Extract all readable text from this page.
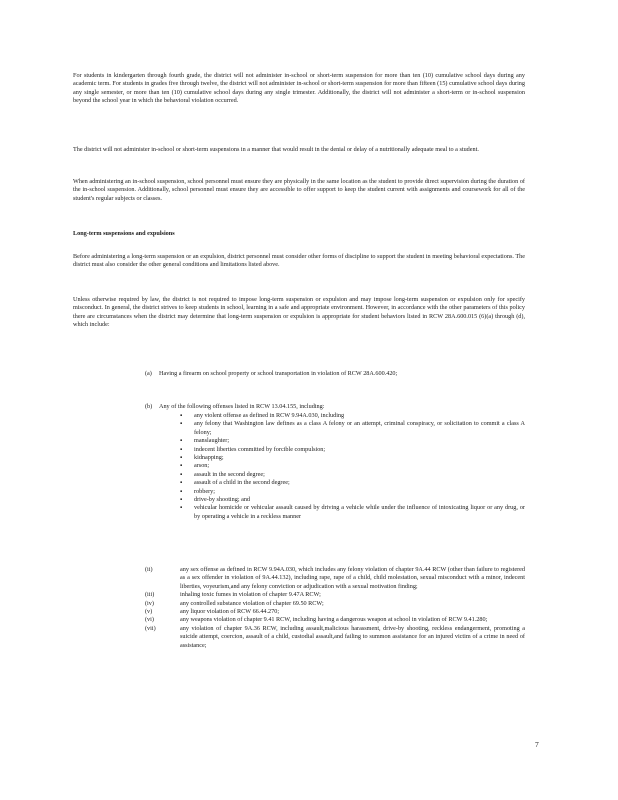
For students in kindergarten through fourth grade, the district will not administer in-school or short-term suspension for more than ten (10) cumulative school days during any academic term. For students in grades five through twelve, the district will not administer in-school or short-term suspension for more than fifteen (15) cumulative school days during any single semester, or more than ten (10) cumulative school days during any single trimester. Additionally, the district will not administer a short-term or in-school suspension beyond the school year in which the behavioral violation occurred.

The district will not administer in-school or short-term suspensions in a manner that would result in the denial or delay of a nutritionally adequate meal to a student.

When administering an in-school suspension, school personnel must ensure they are physically in the same location as the student to provide direct supervision during the duration of the in-school suspension. Additionally, school personnel must ensure they are accessible to offer support to keep the student current with assignments and coursework for all of the student's regular subjects or classes.

Long-term suspensions and expulsions

Before administering a long-term suspension or an expulsion, district personnel must consider other forms of discipline to support the student in meeting behavioral expectations. The district must also consider the other general conditions and limitations listed above.

Unless otherwise required by law, the district is not required to impose long-term suspension or expulsion and may impose long-term suspension or expulsion only for specify misconduct. In general, the district strives to keep students in school, learning in a safe and appropriate environment. However, in accordance with the other parameters of this policy there are circumstances when the district may determine that long-term suspension or expulsion is appropriate for student behaviors listed in RCW 28A.600.015 (6)(a) through (d), which include:

(a)	Having a firearm on school property or school transportation in violation of RCW 28A.600.420;
(b)	Any of the following offenses listed in RCW 13.04.155, including:
▪ any violent offense as defined in RCW 9.94A.030, including
▪ any felony that Washington law defines as a class A felony or an attempt, criminal conspiracy, or solicitation to commit a class A felony;
▪ manslaughter;
▪ indecent liberties committed by forcible compulsion;
▪ kidnapping;
▪ arson;
▪ assault in the second degree;
▪ assault of a child in the second degree;
▪ robbery;
▪ drive-by shooting; and
▪ vehicular homicide or vehicular assault caused by driving a vehicle while under the influence of intoxicating liquor or any drug, or by operating a vehicle in a reckless manner
(ii)	any sex offense as defined in RCW 9.94A.030, which includes any felony violation of chapter 9A.44 RCW (other than failure to registered as a sex offender in violation of 9A.44.132), including rape, rape of a child, child molestation, sexual misconduct with a minor, indecent liberties, voyeurism,and any felony conviction or adjudication with a sexual motivation finding;
(iii)	inhaling toxic fumes in violation of chapter 9.47A RCW;
(iv)	any controlled substance violation of chapter 69.50 RCW;
(v)	any liquor violation of RCW 66.44.270;
(vi)	any weapons violation of chapter 9.41 RCW, including having a dangerous weapon at school in violation of RCW 9.41.280;
(vii)	any violation of chapter 9A.36 RCW, including assault,malicious harassment, drive-by shooting, reckless endangerment, promoting a suicide attempt, coercion, assault of a child, custodial assault,and failing to summon assistance for an injured victim of a crime in need of assistance;
7
